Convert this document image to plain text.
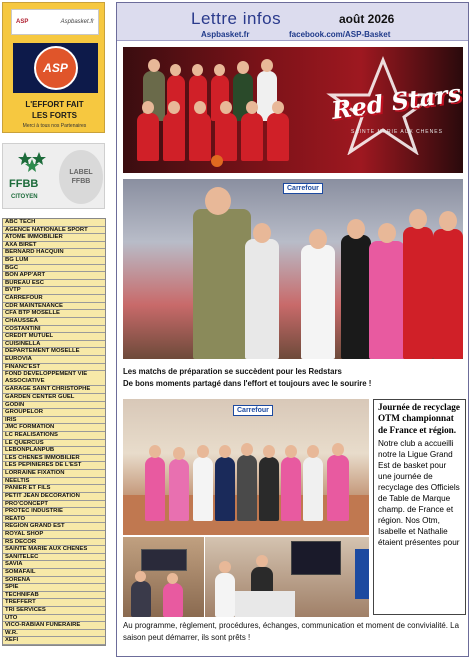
ASP	Aspbasket.fr
ASP
L'EFFORT FAIT
LES FORTS
Merci à tous nos Partenaires
FFBB
CITOYEN
LABEL
FFBB
ABC TECH
AGENCE NATIONALE SPORT
ATOME IMMOBILIER
AXA BIRET
BERNARD HACQUIN
BG LUM
BGC
BON APP'ART
BUREAU ESC
BVTP
CARREFOUR
CDR MAINTENANCE
CFA BTP MOSELLE
CHAUSSEA
COSTANTINI
CREDIT MUTUEL
CUISINELLA
DEPARTEMENT MOSELLE
EUROVIA
FINANC'EST
FOND DEVELOPPEMENT VIE ASSOCIATIVE
GARAGE SAINT CHRISTOPHE
GARDEN CENTER GUEL
GODIN
GROUPELOR
IRIS
JMC FORMATION
LC REALISATIONS
LE QUERCUS
LEBONPLANPUB
LES CHENES IMMOBILIER
LES PEPINIERES DE L'EST
LORRAINE FIXATION
NEELTIS
PANIER ET FILS
PETIT JEAN DECORATION
PRO'CONCEPT
PROTEC INDUSTRIE
REATO
REGION GRAND EST
ROYAL SHOP
RS DECOR
SAINTE MARIE AUX CHENES
SANITELEC
SAVIA
SOMAFAIL
SORENA
SPIE
TECHNIFAB
TREFFERT
TRI SERVICES
UTO
VICO-RABIAN FUNERAIRE
W.R.
XEFI
Lettre infos	août 2026
Aspbasket.fr	facebook.com/ASP-Basket
Red Stars
SAINTE MARIE AUX CHENES
Carrefour
Les matchs de préparation se succèdent pour les Redstars
De bons moments partagé dans l'effort et toujours avec le sourire !
Carrefour	Journée de recyclage OTM championnat de France et région.
Notre club a accueilli notre la Ligue Grand Est de basket pour une journée de recyclage des Officiels de Table de Marque champ. de France et région. Nos Otm, Isabelle et Nathalie étaient présentes pour
Au programme, règlement, procédures, échanges, communication et moment de convivialité. La saison peut démarrer, ils sont prêts !
